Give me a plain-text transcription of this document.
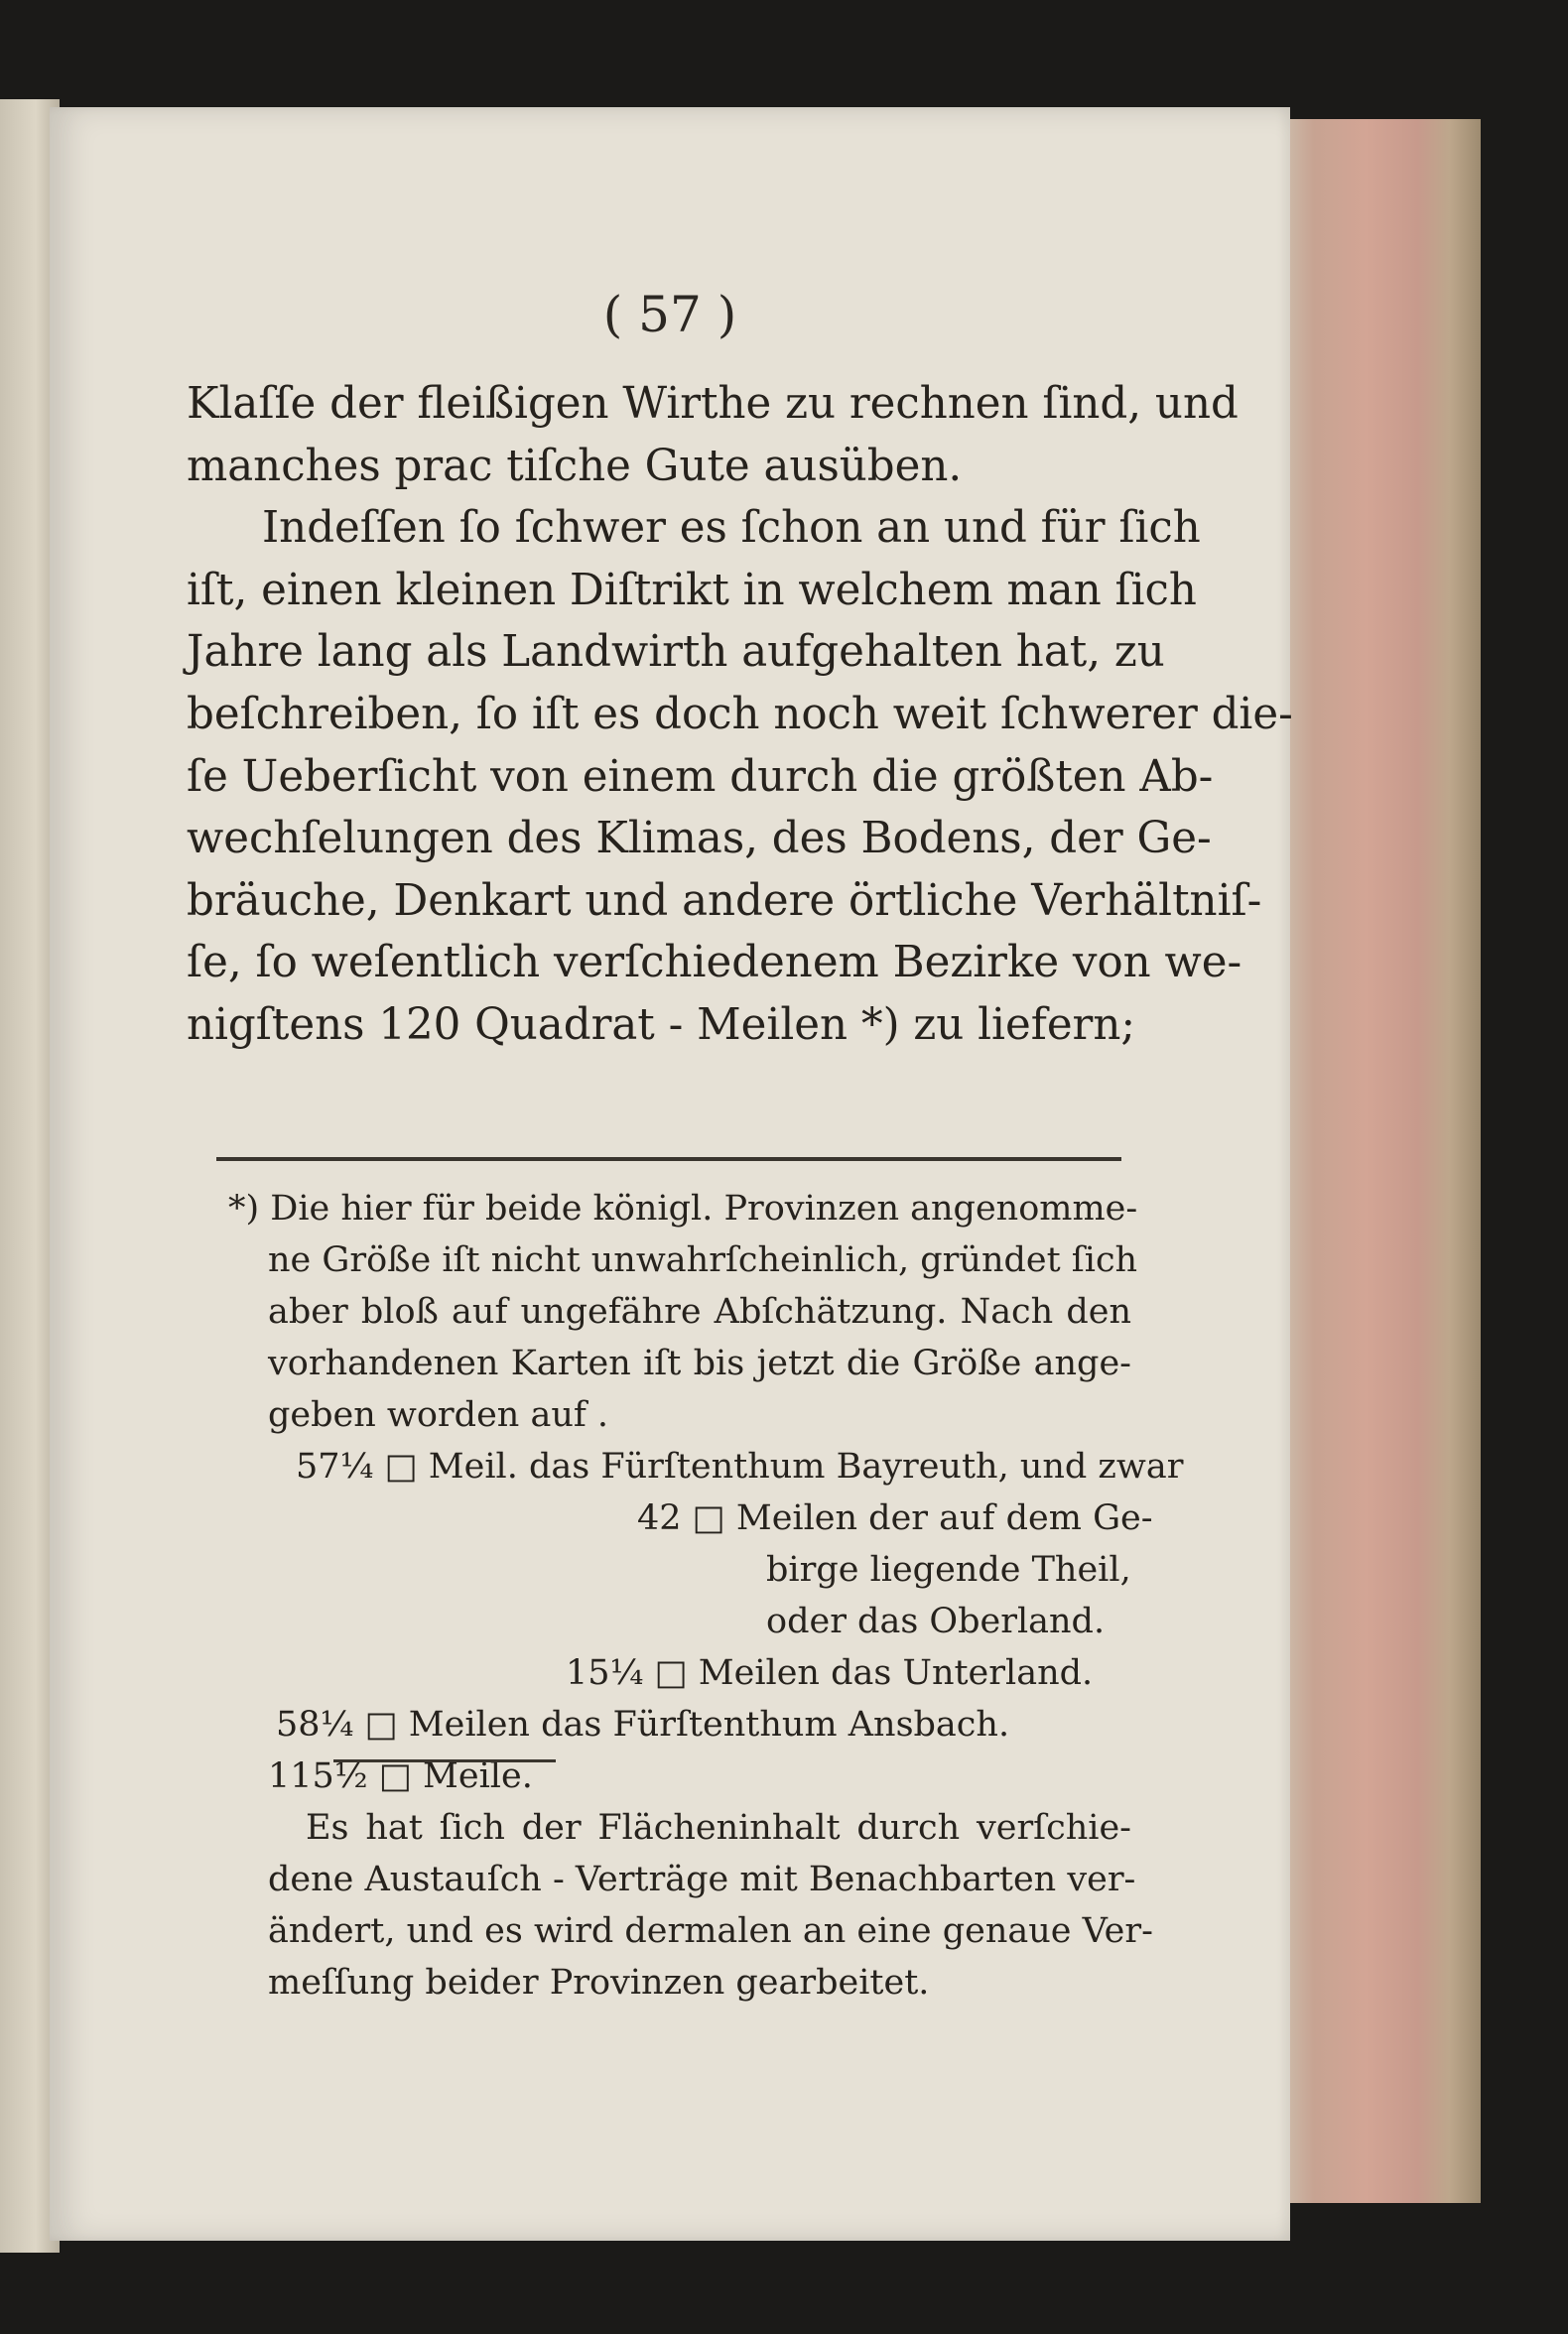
( 57 )
Klaſſe der fleißigen Wirthe zu rechnen ſind, und
manches prac tiſche Gute ausüben.
Indeſſen ſo ſchwer es ſchon an und für ſich
iſt, einen kleinen Diſtrikt in welchem man ſich
Jahre lang als Landwirth aufgehalten hat, zu
beſchreiben, ſo iſt es doch noch weit ſchwerer die-
ſe Ueberſicht von einem durch die größten Ab-
wechſelungen des Klimas, des Bodens, der Ge-
bräuche, Denkart und andere örtliche Verhältniſ-
ſe, ſo weſentlich verſchiedenem Bezirke von we-
nigſtens 120 Quadrat - Meilen *) zu liefern;
*) Die hier für beide königl. Provinzen angenomme-
ne Größe iſt nicht unwahrſcheinlich, gründet ſich
aber bloß auf ungefähre Abſchätzung. Nach den
vorhandenen Karten iſt bis jetzt die Größe ange-
geben worden auf .
57¼ □ Meil. das Fürſtenthum Bayreuth, und zwar
42 □ Meilen der auf dem Ge-
birge liegende Theil,
oder das Oberland.
15¼ □ Meilen das Unterland.
58¼ □ Meilen das Fürſtenthum Ansbach.
115½ □ Meile.
Es hat ſich der Flächeninhalt durch verſchie-
dene Austauſch - Verträge mit Benachbarten ver-
ändert, und es wird dermalen an eine genaue Ver-
meſſung beider Provinzen gearbeitet.
